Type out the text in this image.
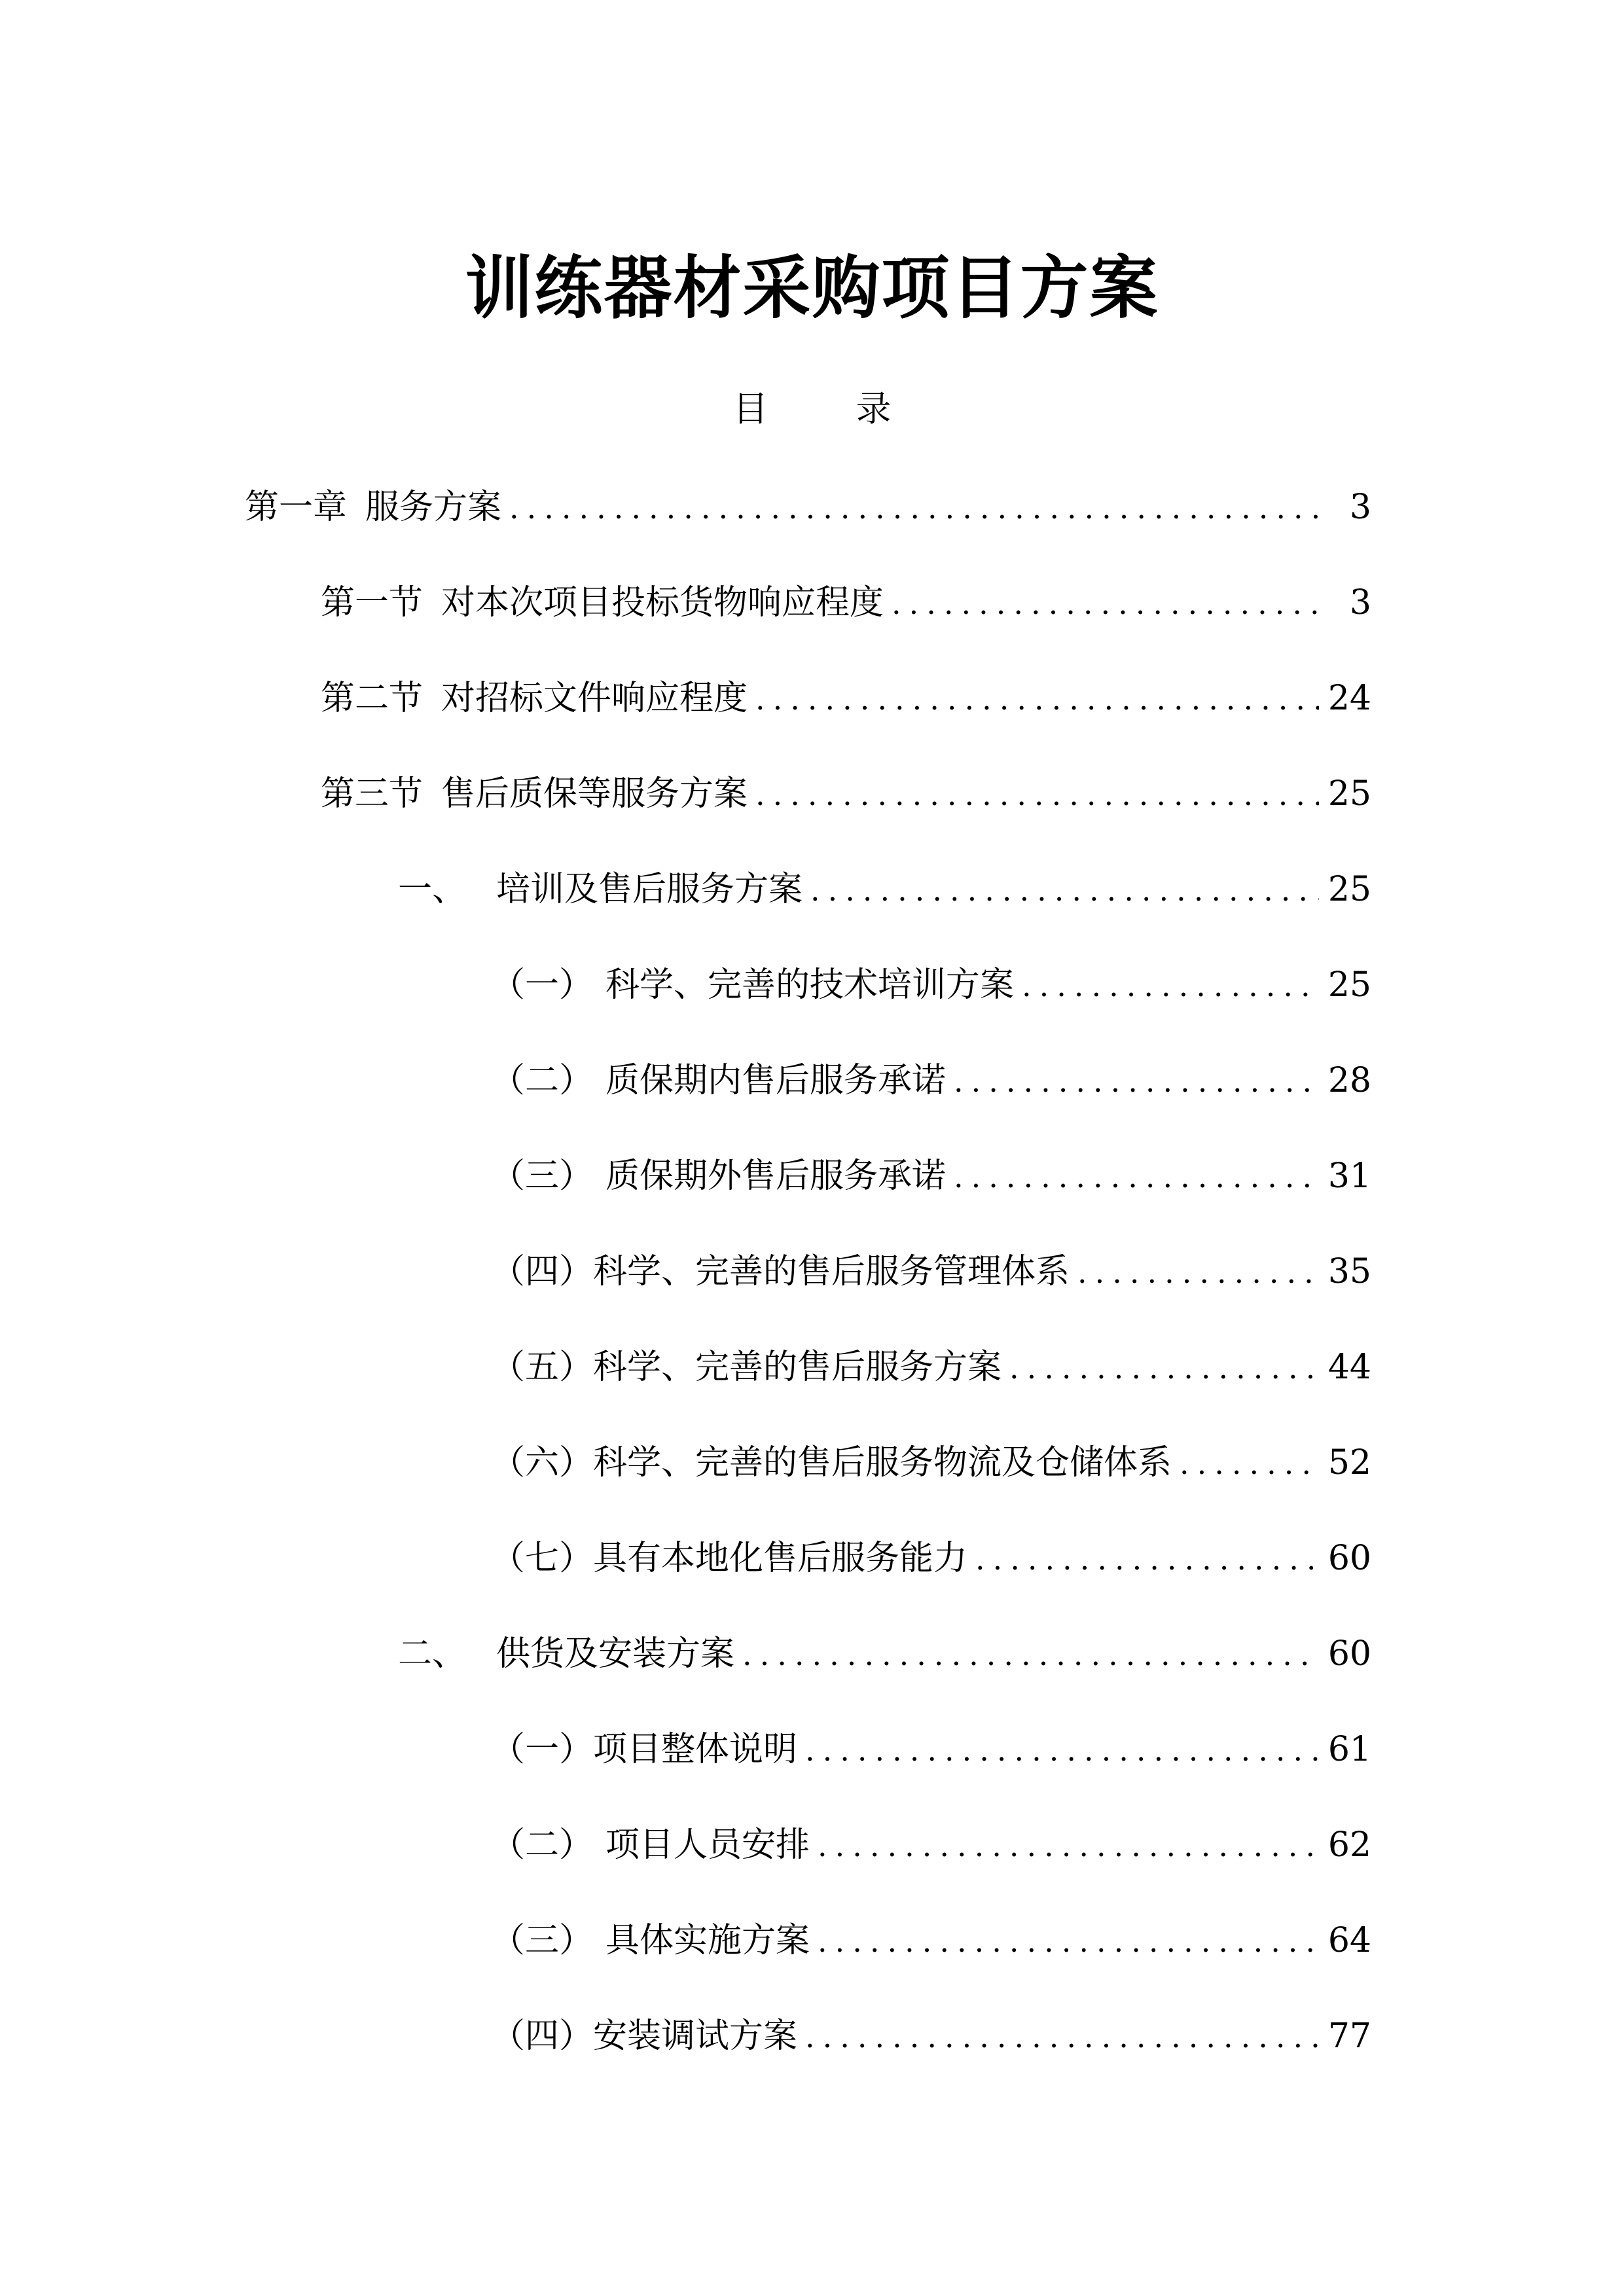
训练器材采购项目方案
目　录
第一章 服务方案 .....	3
第一节 对本次项目投标货物响应程度 .....	3
第二节 对招标文件响应程度 .....	24
第三节 售后质保等服务方案 .....	25
一、 培训及售后服务方案 .....	25
（一） 科学、完善的技术培训方案 .....	25
（二） 质保期内售后服务承诺 .....	28
（三） 质保期外售后服务承诺 .....	31
（四） 科学、完善的售后服务管理体系 .....	35
（五） 科学、完善的售后服务方案 .....	44
（六） 科学、完善的售后服务物流及仓储体系 .....	52
（七） 具有本地化售后服务能力 .....	60
二、 供货及安装方案 .....	60
（一） 项目整体说明 .....	61
（二） 项目人员安排 .....	62
（三） 具体实施方案 .....	64
（四） 安装调试方案 .....	77
